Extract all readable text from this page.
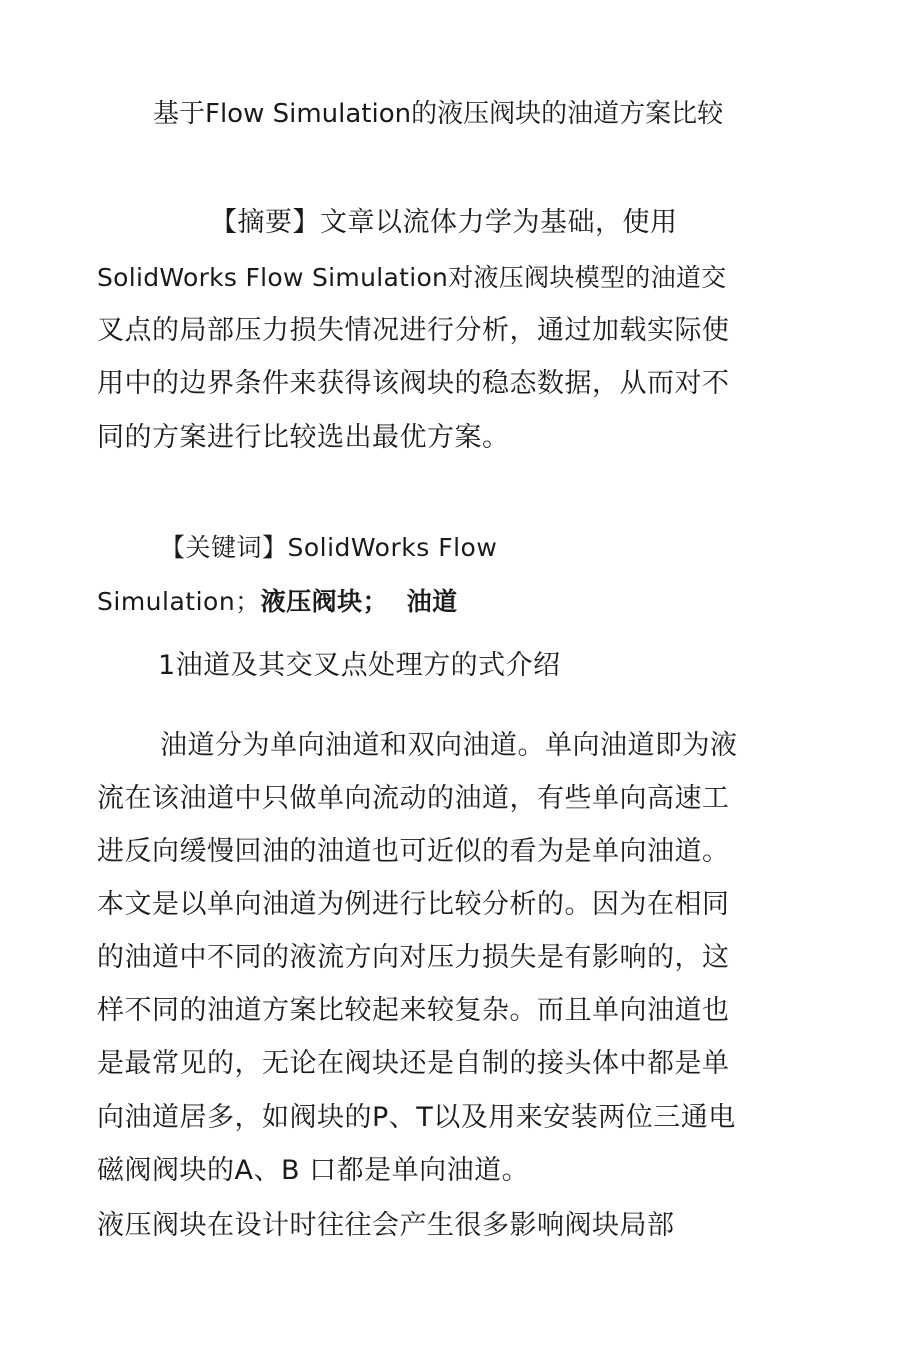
基于Flow Simulation的液压阀块的油道方案比较
【摘要】文章以流体力学为基础，使用
SolidWorks Flow Simulation对液压阀块模型的油道交
叉点的局部压力损失情况进行分析，通过加载实际使
用中的边界条件来获得该阀块的稳态数据，从而对不
同的方案进行比较选出最优方案。
【关键词】SolidWorks Flow
Simulation；液压阀块；  油道
1油道及其交叉点处理方的式介绍
油道分为单向油道和双向油道。单向油道即为液
流在该油道中只做单向流动的油道，有些单向高速工
进反向缓慢回油的油道也可近似的看为是单向油道。
本文是以单向油道为例进行比较分析的。因为在相同
的油道中不同的液流方向对压力损失是有影响的，这
样不同的油道方案比较起来较复杂。而且单向油道也
是最常见的，无论在阀块还是自制的接头体中都是单
向油道居多，如阀块的P、T以及用来安装两位三通电
磁阀阀块的A、B 口都是单向油道。
液压阀块在设计时往往会产生很多影响阀块局部
